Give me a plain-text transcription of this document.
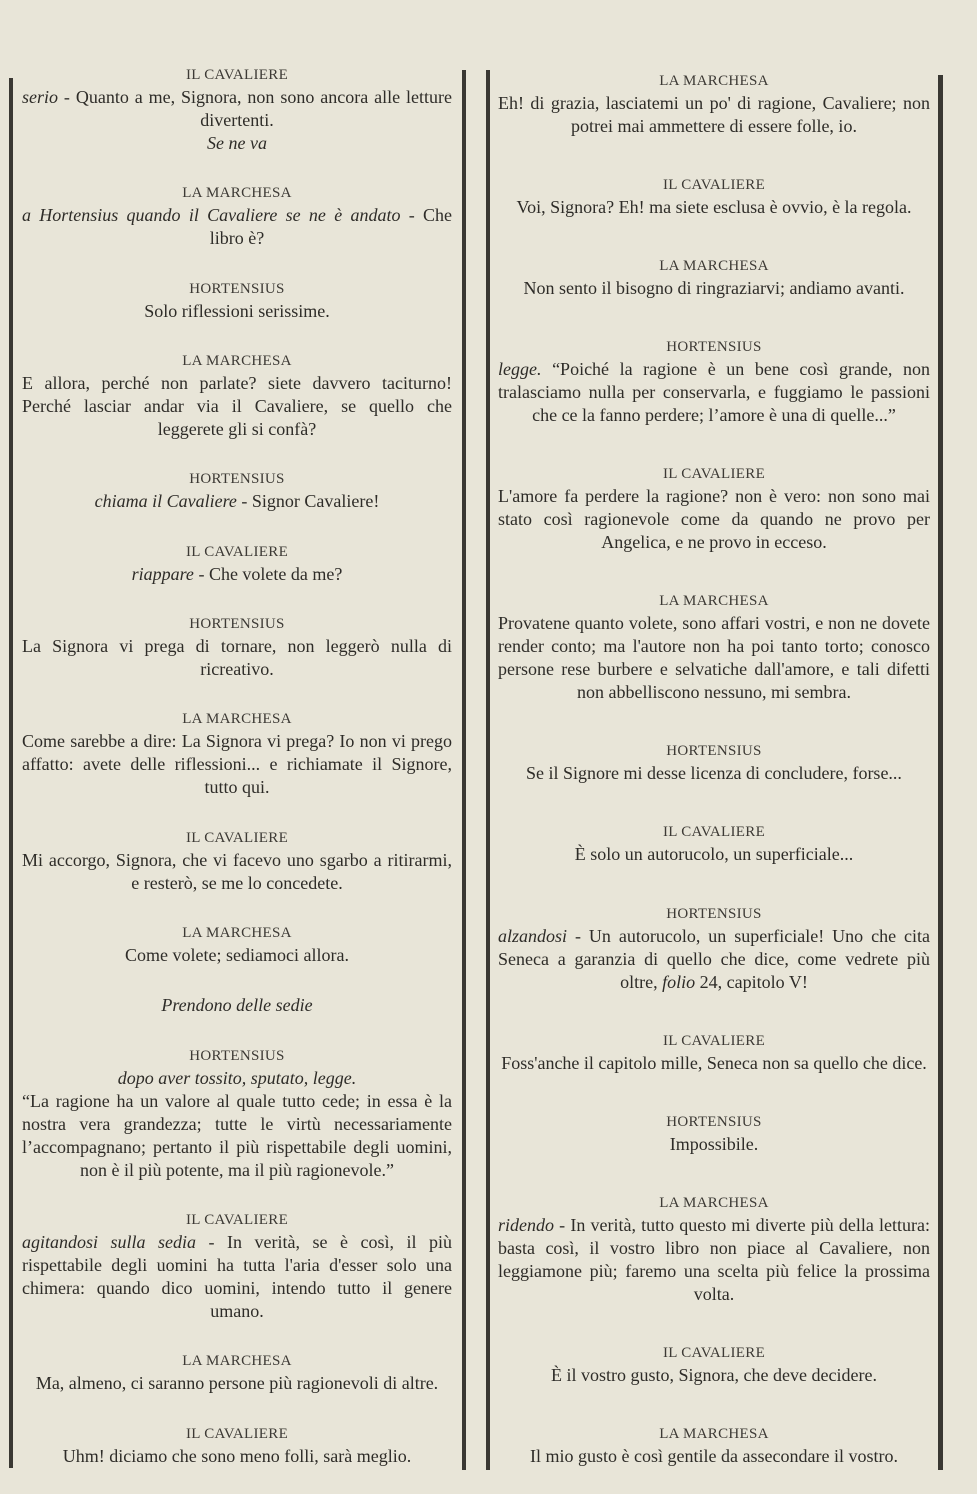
IL CAVALIERE
serio - Quanto a me, Signora, non sono ancora alle letture divertenti.
Se ne va
LA MARCHESA
a Hortensius quando il Cavaliere se ne è andato - Che libro è?
HORTENSIUS
Solo riflessioni serissime.
LA MARCHESA
E allora, perché non parlate? siete davvero taciturno! Perché lasciar andar via il Cavaliere, se quello che leggerete gli si confà?
HORTENSIUS
chiama il Cavaliere - Signor Cavaliere!
IL CAVALIERE
riappare - Che volete da me?
HORTENSIUS
La Signora vi prega di tornare, non leggerò nulla di ricreativo.
LA MARCHESA
Come sarebbe a dire: La Signora vi prega? Io non vi prego affatto: avete delle riflessioni... e richiamate il Signore, tutto qui.
IL CAVALIERE
Mi accorgo, Signora, che vi facevo uno sgarbo a ritirarmi, e resterò, se me lo concedete.
LA MARCHESA
Come volete; sediamoci allora.
Prendono delle sedie
HORTENSIUS
dopo aver tossito, sputato, legge.
“La ragione ha un valore al quale tutto cede; in essa è la nostra vera grandezza; tutte le virtù necessariamente l’accompagnano; pertanto il più rispettabile degli uomini, non è il più potente, ma il più ragionevole.”
IL CAVALIERE
agitandosi sulla sedia - In verità, se è così, il più rispettabile degli uomini ha tutta l'aria d'esser solo una chimera: quando dico uomini, intendo tutto il genere umano.
LA MARCHESA
Ma, almeno, ci saranno persone più ragionevoli di altre.
IL CAVALIERE
Uhm! diciamo che sono meno folli, sarà meglio.
LA MARCHESA
Eh! di grazia, lasciatemi un po' di ragione, Cavaliere; non potrei mai ammettere di essere folle, io.
IL CAVALIERE
Voi, Signora? Eh! ma siete esclusa è ovvio, è la regola.
LA MARCHESA
Non sento il bisogno di ringraziarvi; andiamo avanti.
HORTENSIUS
legge. “Poiché la ragione è un bene così grande, non tralasciamo nulla per conservarla, e fuggiamo le passioni che ce la fanno perdere; l’amore è una di quelle...”
IL CAVALIERE
L'amore fa perdere la ragione? non è vero: non sono mai stato così ragionevole come da quando ne provo per Angelica, e ne provo in ecceso.
LA MARCHESA
Provatene quanto volete, sono affari vostri, e non ne dovete render conto; ma l'autore non ha poi tanto torto; conosco persone rese burbere e selvatiche dall'amore, e tali difetti non abbelliscono nessuno, mi sembra.
HORTENSIUS
Se il Signore mi desse licenza di concludere, forse...
IL CAVALIERE
È solo un autorucolo, un superficiale...
HORTENSIUS
alzandosi - Un autorucolo, un superficiale! Uno che cita Seneca a garanzia di quello che dice, come vedrete più oltre, folio 24, capitolo V!
IL CAVALIERE
Foss'anche il capitolo mille, Seneca non sa quello che dice.
HORTENSIUS
Impossibile.
LA MARCHESA
ridendo - In verità, tutto questo mi diverte più della lettura: basta così, il vostro libro non piace al Cavaliere, non leggiamone più; faremo una scelta più felice la prossima volta.
IL CAVALIERE
È il vostro gusto, Signora, che deve decidere.
LA MARCHESA
Il mio gusto è così gentile da assecondare il vostro.
